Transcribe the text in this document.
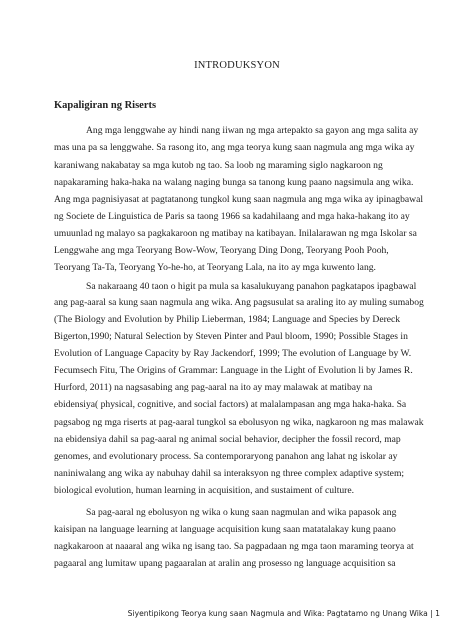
INTRODUKSYON
Kapaligiran ng Riserts
Ang mga lenggwahe ay hindi nang iiwan ng mga artepakto sa gayon ang mga salita ay
mas una pa sa lenggwahe. Sa rasong ito, ang mga teorya kung saan nagmula ang mga wika ay
karaniwang nakabatay sa mga kutob ng tao. Sa loob ng maraming siglo nagkaroon ng
napakaraming haka-haka na walang naging bunga sa tanong kung paano nagsimula ang wika.
Ang mga pagnisiyasat at pagtatanong tungkol kung saan nagmula ang mga wika ay ipinagbawal
ng Societe de Linguistica de Paris sa taong 1966 sa kadahilaang and mga haka-hakang ito ay
umuunlad ng malayo sa pagkakaroon ng matibay na katibayan. Inilalarawan ng mga Iskolar sa
Lenggwahe ang mga Teoryang Bow-Wow, Teoryang Ding Dong, Teoryang Pooh Pooh,
Teoryang Ta-Ta, Teoryang Yo-he-ho, at Teoryang Lala, na ito ay mga kuwento lang.
Sa nakaraang 40 taon o higit pa mula sa kasalukuyang panahon pagkatapos ipagbawal
ang pag-aaral sa kung saan nagmula ang wika. Ang pagsusulat sa araling ito ay muling sumabog
(The Biology and Evolution by Philip Lieberman, 1984; Language and Species by Dereck
Bigerton,1990; Natural Selection by Steven Pinter and Paul bloom, 1990; Possible Stages in
Evolution of Language Capacity by Ray Jackendorf, 1999; The evolution of Language by W.
Fecumsech Fitu, The Origins of Grammar: Language in the Light of Evolution li by James R.
Hurford, 2011) na nagsasabing ang pag-aaral na ito ay may malawak at matibay na
ebidensiya( physical, cognitive, and social factors) at malalampasan ang mga haka-haka. Sa
pagsabog ng mga riserts at pag-aaral tungkol sa ebolusyon ng wika, nagkaroon ng mas malawak
na ebidensiya dahil sa pag-aaral ng animal social behavior, decipher the fossil record, map
genomes, and evolutionary process. Sa contemporaryong panahon ang lahat ng iskolar ay
naniniwalang ang wika ay nabuhay dahil sa interaksyon ng three complex adaptive system;
biological evolution, human learning in acquisition, and sustaiment of culture.
Sa pag-aaral ng ebolusyon ng wika o kung saan nagmulan and wika papasok ang
kaisipan na language learning at language acquisition kung saan matatalakay kung paano
nagkakaroon at naaaral ang wika ng isang tao. Sa pagpadaan ng mga taon maraming teorya at
pagaaral ang lumitaw upang pagaaralan at aralin ang prosesso ng language acquisition sa
Siyentipikong Teorya kung saan Nagmula and Wika: Pagtatamo ng Unang Wika | 1
